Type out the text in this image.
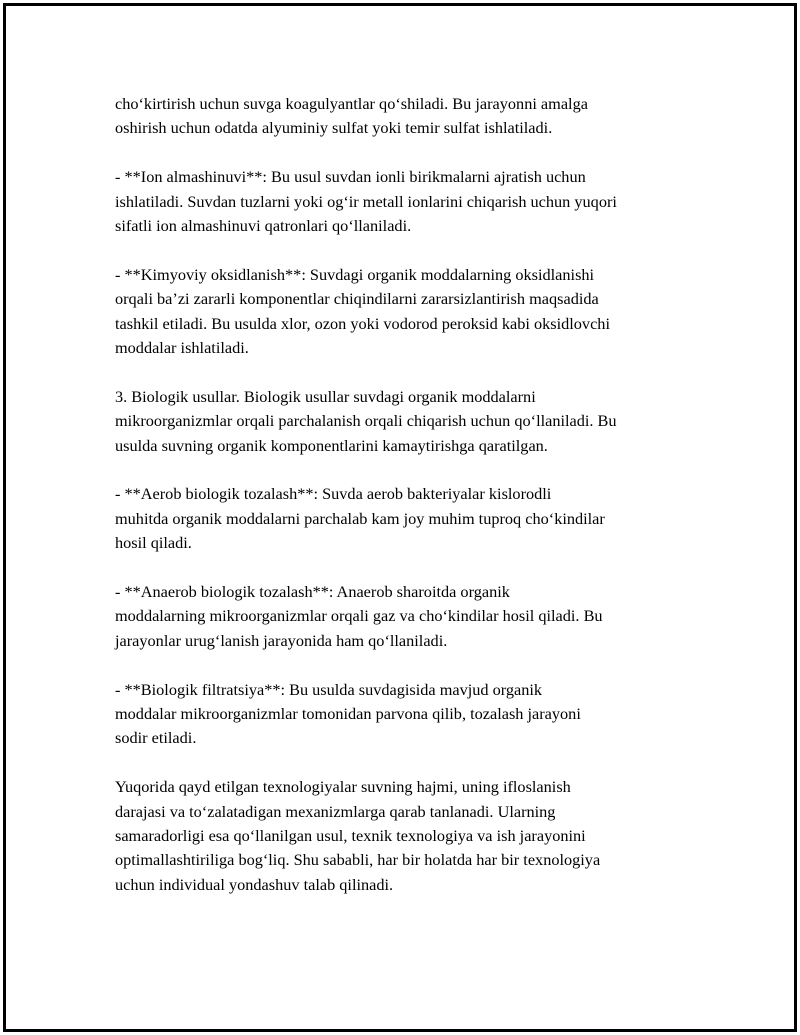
cho‘kirtirish uchun suvga koagulyantlar qo‘shiladi. Bu jarayonni amalga
oshirish uchun odatda alyuminiy sulfat yoki temir sulfat ishlatiladi.

- **Ion almashinuvi**: Bu usul suvdan ionli birikmalarni ajratish uchun
ishlatiladi. Suvdan tuzlarni yoki og‘ir metall ionlarini chiqarish uchun yuqori
sifatli ion almashinuvi qatronlari qo‘llaniladi.

- **Kimyoviy oksidlanish**: Suvdagi organik moddalarning oksidlanishi
orqali ba’zi zararli komponentlar chiqindilarni zararsizlantirish maqsadida
tashkil etiladi. Bu usulda xlor, ozon yoki vodorod peroksid kabi oksidlovchi
moddalar ishlatiladi.

3. Biologik usullar. Biologik usullar suvdagi organik moddalarni
mikroorganizmlar orqali parchalanish orqali chiqarish uchun qo‘llaniladi. Bu
usulda suvning organik komponentlarini kamaytirishga qaratilgan.

- **Aerob biologik tozalash**: Suvda aerob bakteriyalar kislorodli
muhitda organik moddalarni parchalab kam joy muhim tuproq cho‘kindilar
hosil qiladi.

- **Anaerob biologik tozalash**: Anaerob sharoitda organik
moddalarning mikroorganizmlar orqali gaz va cho‘kindilar hosil qiladi. Bu
jarayonlar urug‘lanish jarayonida ham qo‘llaniladi.

- **Biologik filtratsiya**: Bu usulda suvdagisida mavjud organik
moddalar mikroorganizmlar tomonidan parvona qilib, tozalash jarayoni
sodir etiladi.

Yuqorida qayd etilgan texnologiyalar suvning hajmi, uning ifloslanish
darajasi va to‘zalatadigan mexanizmlarga qarab tanlanadi. Ularning
samaradorligi esa qo‘llanilgan usul, texnik texnologiya va ish jarayonini
optimallashtiriliga bog‘liq. Shu sababli, har bir holatda har bir texnologiya
uchun individual yondashuv talab qilinadi.
